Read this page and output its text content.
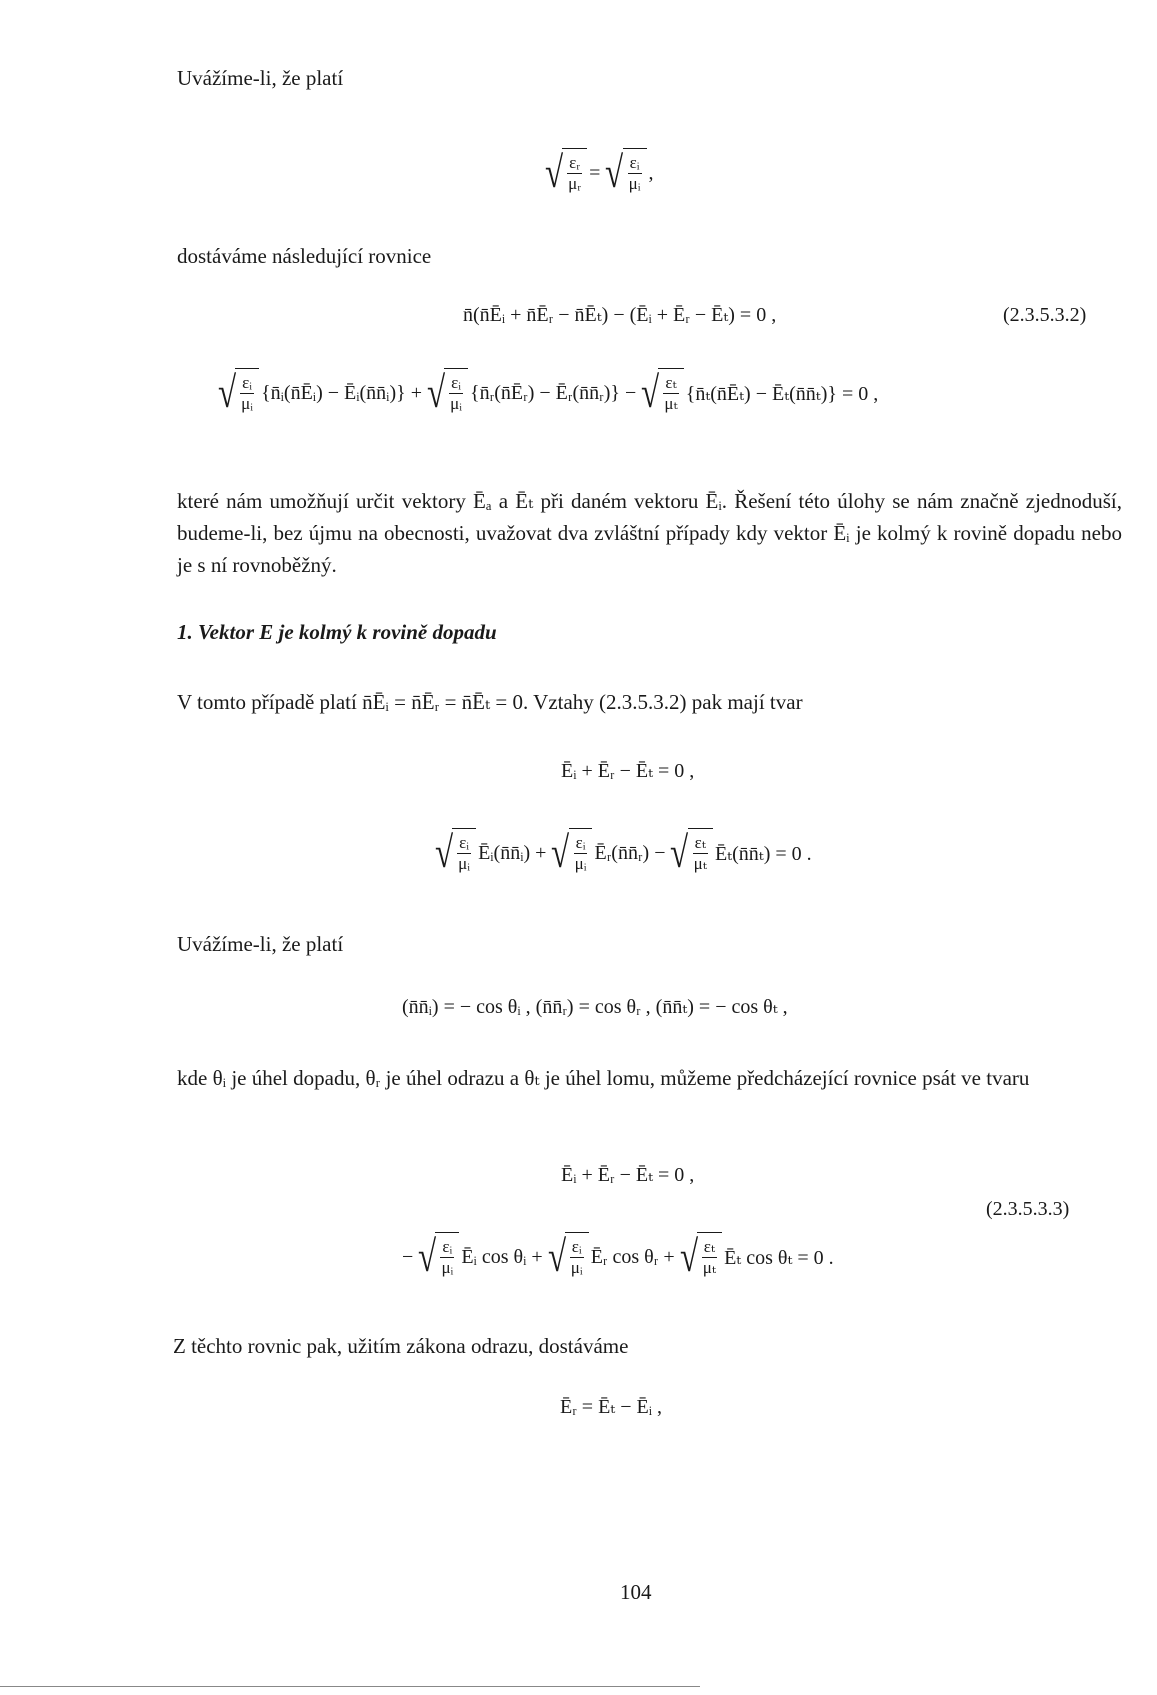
Uvážíme-li, že platí
√ $\frac{\text{εᵣ}}{\text{μᵣ}}$ = √ $\frac{\text{εᵢ}}{\text{μᵢ}}$ ,
dostáváme následující rovnice
n̄(n̄Ēᵢ + n̄Ēᵣ − n̄Ēₜ) − (Ēᵢ + Ēᵣ − Ēₜ) = 0 ,	(2.3.5.3.2)
√ $\frac{\text{εᵢ}}{\text{μᵢ}}$ {n̄ᵢ(n̄Ēᵢ) − Ēᵢ(n̄n̄ᵢ)} + √ $\frac{\text{εᵢ}}{\text{μᵢ}}$ {n̄ᵣ(n̄Ēᵣ) − Ēᵣ(n̄n̄ᵣ)} − √ $\frac{\text{εₜ}}{\text{μₜ}}$ {n̄ₜ(n̄Ēₜ) − Ēₜ(n̄n̄ₜ)} = 0 ,
které nám umožňují určit vektory Ēₐ a Ēₜ při daném vektoru Ēᵢ. Řešení této úlohy se nám značně zjednoduší, budeme-li, bez újmu na obecnosti, uvažovat dva zvláštní případy kdy vektor Ēᵢ je kolmý k rovině dopadu nebo je s ní rovnoběžný.
1. Vektor E je kolmý k rovině dopadu
V tomto případě platí n̄Ēᵢ = n̄Ēᵣ = n̄Ēₜ = 0. Vztahy (2.3.5.3.2) pak mají tvar
Ēᵢ + Ēᵣ − Ēₜ = 0 ,
√ $\frac{\text{εᵢ}}{\text{μᵢ}}$ Ēᵢ(n̄n̄ᵢ) + √ $\frac{\text{εᵢ}}{\text{μᵢ}}$ Ēᵣ(n̄n̄ᵣ) − √ $\frac{\text{εₜ}}{\text{μₜ}}$ Ēₜ(n̄n̄ₜ) = 0 .
Uvážíme-li, že platí
(n̄n̄ᵢ) = − cos θᵢ , (n̄n̄ᵣ) = cos θᵣ , (n̄n̄ₜ) = − cos θₜ ,
kde θᵢ je úhel dopadu, θᵣ je úhel odrazu a θₜ je úhel lomu, můžeme předcházející rovnice psát ve tvaru
Ēᵢ + Ēᵣ − Ēₜ = 0 ,
(2.3.5.3.3)
− √ $\frac{\text{εᵢ}}{\text{μᵢ}}$ Ēᵢ cos θᵢ + √ $\frac{\text{εᵢ}}{\text{μᵢ}}$ Ēᵣ cos θᵣ + √ $\frac{\text{εₜ}}{\text{μₜ}}$ Ēₜ cos θₜ = 0 .
Z těchto rovnic pak, užitím zákona odrazu, dostáváme
Ēᵣ = Ēₜ − Ēᵢ ,
104
